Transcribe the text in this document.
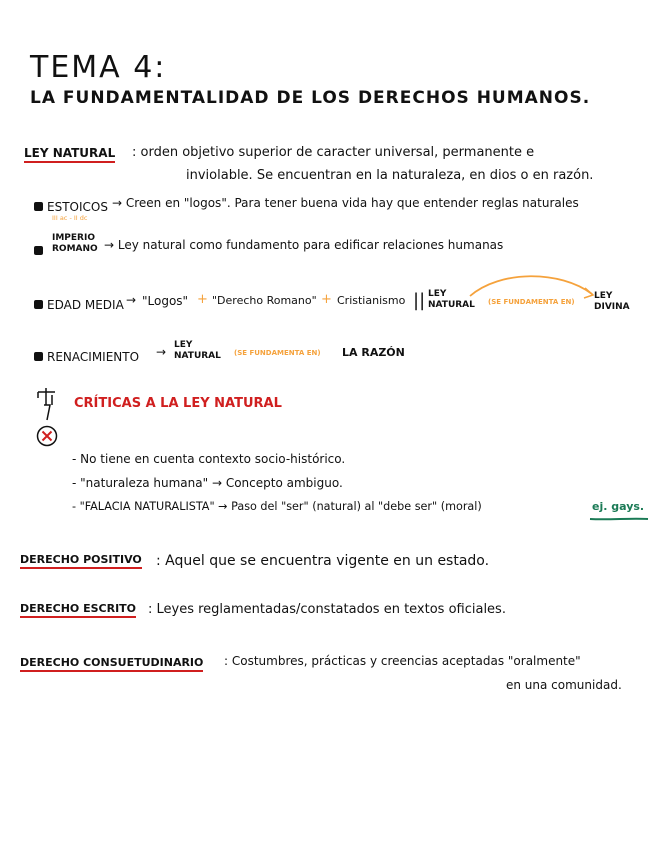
TEMA 4:
LA FUNDAMENTALIDAD DE LOS DERECHOS HUMANOS.
LEY NATURAL : orden objetivo superior de caracter universal, permanente e
inviolable. Se encuentran en la naturaleza, en dios o en razón.
ESTOICOS
III ac - II dc
→ Creen en "logos". Para tener buena vida hay que entender reglas naturales
IMPERIO
ROMANO → Ley natural como fundamento para edificar relaciones humanas
EDAD MEDIA → "Logos" + "Derecho Romano" + Cristianismo || LEY
NATURAL (SE FUNDAMENTA EN)
LEY
DIVINA
RENACIMIENTO → LEY
NATURAL (SE FUNDAMENTA EN) LA RAZÓN
CRÍTICAS A LA LEY NATURAL
- No tiene en cuenta contexto socio-histórico.
- "naturaleza humana" → Concepto ambiguo.
- "FALACIA NATURALISTA" → Paso del "ser" (natural) al "debe ser" (moral)	ej. gays.
DERECHO POSITIVO : Aquel que se encuentra vigente en un estado.
DERECHO ESCRITO : Leyes reglamentadas/constatados en textos oficiales.
DERECHO CONSUETUDINARIO : Costumbres, prácticas y creencias aceptadas "oralmente"
en una comunidad.
